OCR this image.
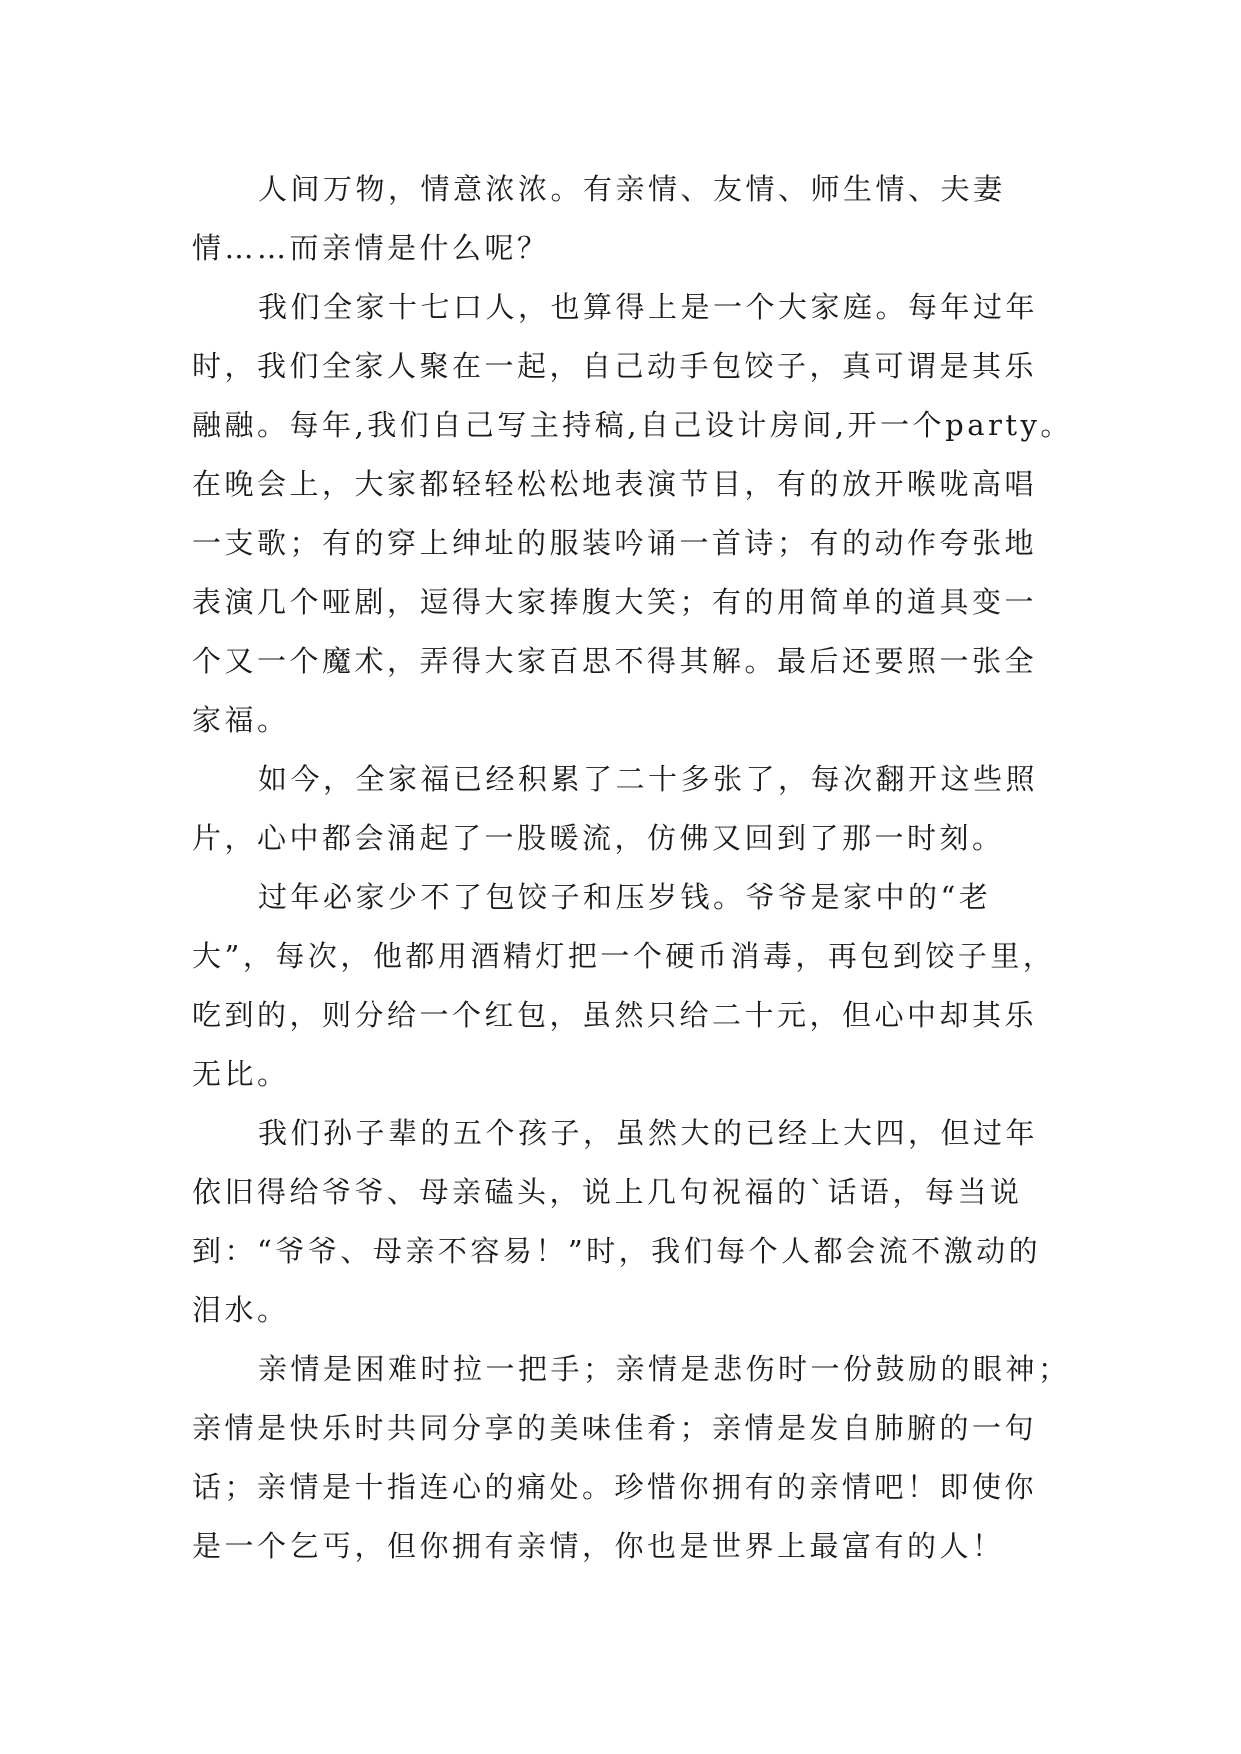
人间万物，情意浓浓。有亲情、友情、师生情、夫妻
情……而亲情是什么呢？
我们全家十七口人，也算得上是一个大家庭。每年过年
时，我们全家人聚在一起，自己动手包饺子，真可谓是其乐
融融。每年,我们自己写主持稿,自己设计房间,开一个party。
在晚会上，大家都轻轻松松地表演节目，有的放开喉咙高唱
一支歌；有的穿上绅址的服装吟诵一首诗；有的动作夸张地
表演几个哑剧，逗得大家捧腹大笑；有的用简单的道具变一
个又一个魔术，弄得大家百思不得其解。最后还要照一张全
家福。
如今，全家福已经积累了二十多张了，每次翻开这些照
片，心中都会涌起了一股暖流，仿佛又回到了那一时刻。
过年必家少不了包饺子和压岁钱。爷爷是家中的“老
大”，每次，他都用酒精灯把一个硬币消毒，再包到饺子里，
吃到的，则分给一个红包，虽然只给二十元，但心中却其乐
无比。
我们孙子辈的五个孩子，虽然大的已经上大四，但过年
依旧得给爷爷、母亲磕头，说上几句祝福的`话语，每当说
到：“爷爷、母亲不容易！”时，我们每个人都会流不激动的
泪水。
亲情是困难时拉一把手；亲情是悲伤时一份鼓励的眼神；
亲情是快乐时共同分享的美味佳肴；亲情是发自肺腑的一句
话；亲情是十指连心的痛处。珍惜你拥有的亲情吧！即使你
是一个乞丐，但你拥有亲情，你也是世界上最富有的人！
